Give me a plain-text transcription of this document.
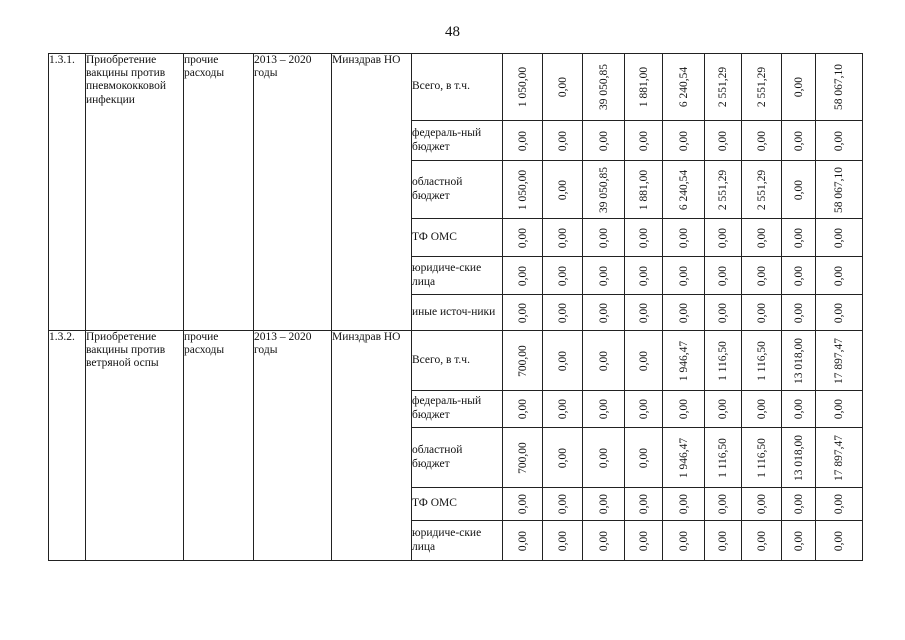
48
1.3.1.	Приобретение вакцины против пневмококковой инфекции	прочие расходы	2013 – 2020 годы	Минздрав НО	Всего, в т.ч.	1 050,00	0,00	39 050,85	1 881,00	6 240,54	2 551,29	2 551,29	0,00	58 067,10

					федераль-ный бюджет	0,00	0,00	0,00	0,00	0,00	0,00	0,00	0,00	0,00

					областной бюджет	1 050,00	0,00	39 050,85	1 881,00	6 240,54	2 551,29	2 551,29	0,00	58 067,10

					ТФ ОМС	0,00	0,00	0,00	0,00	0,00	0,00	0,00	0,00	0,00

					юридиче-ские лица	0,00	0,00	0,00	0,00	0,00	0,00	0,00	0,00	0,00

					иные источ-ники	0,00	0,00	0,00	0,00	0,00	0,00	0,00	0,00	0,00

1.3.2.	Приобретение вакцины против ветряной оспы	прочие расходы	2013 – 2020 годы	Минздрав НО	Всего, в т.ч.	700,00	0,00	0,00	0,00	1 946,47	1 116,50	1 116,50	13 018,00	17 897,47

					федераль-ный бюджет	0,00	0,00	0,00	0,00	0,00	0,00	0,00	0,00	0,00

					областной бюджет	700,00	0,00	0,00	0,00	1 946,47	1 116,50	1 116,50	13 018,00	17 897,47

					ТФ ОМС	0,00	0,00	0,00	0,00	0,00	0,00	0,00	0,00	0,00

					юридиче-ские лица	0,00	0,00	0,00	0,00	0,00	0,00	0,00	0,00	0,00
